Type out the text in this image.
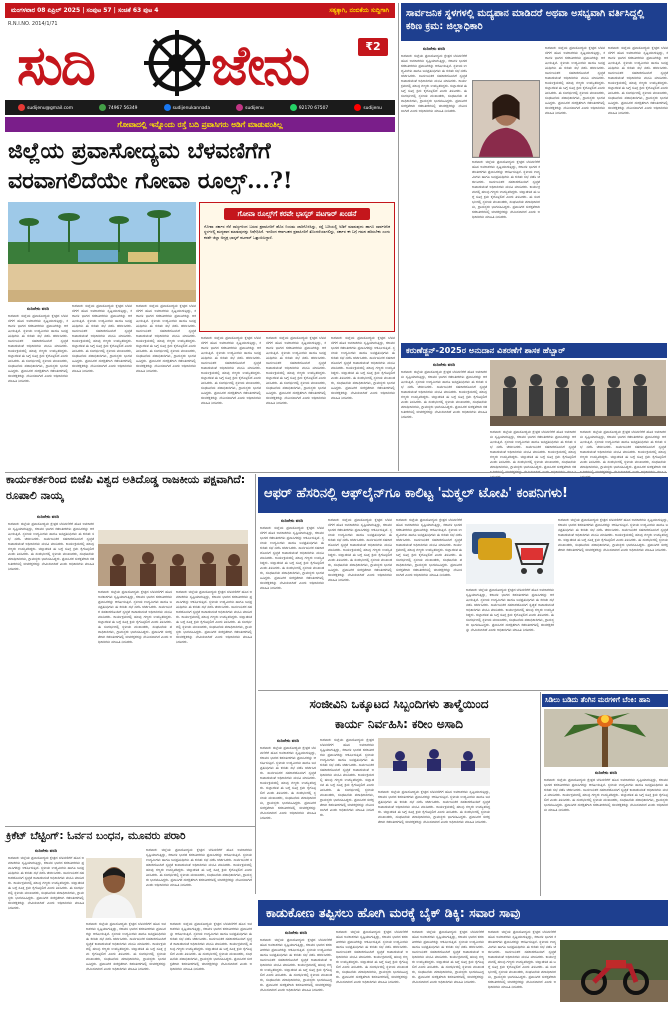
ಮಂಗಳವಾರ 08 ಏಪ್ರಿಲ್ 2025 | ಸಂಪುಟ 57 | ಸಂಚಿಕೆ 63 ಪುಟ 4	ಸತ್ಯಕ್ಕಾಗಿ, ನಂಬಿಕೆಯ ಸುದ್ದಿಗಾಗಿ
R.N.I.NO. 2014/1/71
ಸುದಿ ಜೇನು	₹2
sudijenu@gmail.com	74967 56349	sudijenukannada	sudijenu	92170 67507	sudijenu
ಗೋವಾದಲ್ಲಿ ಇನ್ನೊಂದು ರಸ್ತೆ ಬದಿ ಪ್ರವಾಸಿಗರು ಅಡಿಗೆ ಮಾಡುವಂತಿಲ್ಲ
ಜಿಲ್ಲೆಯ ಪ್ರವಾಸೋದ್ಯಮ ಬೆಳವಣಿಗೆಗೆ
ವರವಾಗಲಿದೆಯೇ ಗೋವಾ ರೂಲ್ಸ್...?!
ಗೋವಾ ರೂಲ್ಸ್‌ಗೆ ಕರವೇ ಭಾಸ್ಕರ್ ಪಟಗಾರ್ ಖಂಡನೆ
ಗೋವಾ ಸರ್ಕಾರ ನೆರೆ ರಾಜ್ಯಗಳಿಂದ ಬರುವ ಪ್ರವಾಸಿಗರಿಗೆ ಹೊಸ ನಿಯಮ ಜಾರಿಗೊಳಿಸಿದ್ದು, ರಸ್ತೆ ಬದಿಯಲ್ಲಿ ಅಡಿಗೆ ಮಾಡುವುದು ಹಾಗೂ ಸಾರ್ವಜನಿಕ ಸ್ಥಳಗಳಲ್ಲಿ ಮದ್ಯಪಾನ ಮಾಡುವುದನ್ನು ನಿಷೇಧಿಸಿದೆ. ಇದರಿಂದ ಕರ್ನಾಟಕದ ಪ್ರವಾಸಿಗರಿಗೆ ತೊಂದರೆಯಾಗಲಿದ್ದು, ಸರ್ಕಾರ ಈ ಬಗ್ಗೆ ಗಮನ ಹರಿಸಬೇಕು ಎಂದು ಕರವೇ ಜಿಲ್ಲಾ ಅಧ್ಯಕ್ಷ ಭಾಸ್ಕರ್ ಪಟಗಾರ್ ಒತ್ತಾಯಿಸಿದ್ದಾರೆ.
ಸುದಿಜೇನು ವರದಿ
ಕಾರವಾರ: ಜಿಲ್ಲೆಯ ಪ್ರವಾಸೋದ್ಯಮ ಕ್ಷೇತ್ರದ ಬೆಳವಣಿಗೆಗೆ ಹೊಸ ಅವಕಾಶಗಳು ಸೃಷ್ಟಿಯಾಗುತ್ತಿದ್ದು, ಕರಾವಳಿ ಭಾಗದ ಕಡಲತೀರಗಳು ಪ್ರವಾಸಿಗರನ್ನು ಆಕರ್ಷಿಸುತ್ತಿವೆ. ಸ್ಥಳೀಯ ಉದ್ಯಮಿಗಳು ಹಾಗೂ ಜನಪ್ರತಿನಿಧಿಗಳು ಈ ಕುರಿತು ಸಭೆ ನಡೆಸಿ ಚರ್ಚಿಸಿದರು. ಸಾರ್ವಜನಿಕರ ಸಹಕಾರದೊಂದಿಗೆ ಸ್ವಚ್ಛತೆ ಕಾಪಾಡುವಂತೆ ಅಧಿಕಾರಿಗಳು ಮನವಿ ಮಾಡಿದರು. ಕಾರ್ಯಕ್ರಮದಲ್ಲಿ ಹಲವು ಗಣ್ಯರು ಉಪಸ್ಥಿತರಿದ್ದರು. ಜಿಲ್ಲಾಡಳಿತ ಈ ಬಗ್ಗೆ ಸೂಕ್ತ ಕ್ರಮ ಕೈಗೊಳ್ಳಲಿದೆ ಎಂದು ತಿಳಿಸಿದರು. ಈ ಸಂದರ್ಭದಲ್ಲಿ ಸ್ಥಳೀಯ ಮುಖಂಡರು, ಸಂಘಟನೆಯ ಪದಾಧಿಕಾರಿಗಳು, ಗ್ರಾಮಸ್ಥರು ಭಾಗವಹಿಸಿದ್ದರು. ಪ್ರವಾಸಿಗರ ಸುರಕ್ಷತೆಗಾಗಿ ಕಡಲತೀರಗಳಲ್ಲಿ ಜೀವರಕ್ಷಕರನ್ನು ನೇಮಿಸಲಾಗಿದೆ ಎಂದು ಅಧಿಕಾರಿಗಳು ಮಾಹಿತಿ ನೀಡಿದರು.
ಕಾರವಾರ: ಜಿಲ್ಲೆಯ ಪ್ರವಾಸೋದ್ಯಮ ಕ್ಷೇತ್ರದ ಬೆಳವಣಿಗೆಗೆ ಹೊಸ ಅವಕಾಶಗಳು ಸೃಷ್ಟಿಯಾಗುತ್ತಿದ್ದು, ಕರಾವಳಿ ಭಾಗದ ಕಡಲತೀರಗಳು ಪ್ರವಾಸಿಗರನ್ನು ಆಕರ್ಷಿಸುತ್ತಿವೆ. ಸ್ಥಳೀಯ ಉದ್ಯಮಿಗಳು ಹಾಗೂ ಜನಪ್ರತಿನಿಧಿಗಳು ಈ ಕುರಿತು ಸಭೆ ನಡೆಸಿ ಚರ್ಚಿಸಿದರು. ಸಾರ್ವಜನಿಕರ ಸಹಕಾರದೊಂದಿಗೆ ಸ್ವಚ್ಛತೆ ಕಾಪಾಡುವಂತೆ ಅಧಿಕಾರಿಗಳು ಮನವಿ ಮಾಡಿದರು. ಕಾರ್ಯಕ್ರಮದಲ್ಲಿ ಹಲವು ಗಣ್ಯರು ಉಪಸ್ಥಿತರಿದ್ದರು. ಜಿಲ್ಲಾಡಳಿತ ಈ ಬಗ್ಗೆ ಸೂಕ್ತ ಕ್ರಮ ಕೈಗೊಳ್ಳಲಿದೆ ಎಂದು ತಿಳಿಸಿದರು. ಈ ಸಂದರ್ಭದಲ್ಲಿ ಸ್ಥಳೀಯ ಮುಖಂಡರು, ಸಂಘಟನೆಯ ಪದಾಧಿಕಾರಿಗಳು, ಗ್ರಾಮಸ್ಥರು ಭಾಗವಹಿಸಿದ್ದರು. ಪ್ರವಾಸಿಗರ ಸುರಕ್ಷತೆಗಾಗಿ ಕಡಲತೀರಗಳಲ್ಲಿ ಜೀವರಕ್ಷಕರನ್ನು ನೇಮಿಸಲಾಗಿದೆ ಎಂದು ಅಧಿಕಾರಿಗಳು ಮಾಹಿತಿ ನೀಡಿದರು.
ಕಾರವಾರ: ಜಿಲ್ಲೆಯ ಪ್ರವಾಸೋದ್ಯಮ ಕ್ಷೇತ್ರದ ಬೆಳವಣಿಗೆಗೆ ಹೊಸ ಅವಕಾಶಗಳು ಸೃಷ್ಟಿಯಾಗುತ್ತಿದ್ದು, ಕರಾವಳಿ ಭಾಗದ ಕಡಲತೀರಗಳು ಪ್ರವಾಸಿಗರನ್ನು ಆಕರ್ಷಿಸುತ್ತಿವೆ. ಸ್ಥಳೀಯ ಉದ್ಯಮಿಗಳು ಹಾಗೂ ಜನಪ್ರತಿನಿಧಿಗಳು ಈ ಕುರಿತು ಸಭೆ ನಡೆಸಿ ಚರ್ಚಿಸಿದರು. ಸಾರ್ವಜನಿಕರ ಸಹಕಾರದೊಂದಿಗೆ ಸ್ವಚ್ಛತೆ ಕಾಪಾಡುವಂತೆ ಅಧಿಕಾರಿಗಳು ಮನವಿ ಮಾಡಿದರು. ಕಾರ್ಯಕ್ರಮದಲ್ಲಿ ಹಲವು ಗಣ್ಯರು ಉಪಸ್ಥಿತರಿದ್ದರು. ಜಿಲ್ಲಾಡಳಿತ ಈ ಬಗ್ಗೆ ಸೂಕ್ತ ಕ್ರಮ ಕೈಗೊಳ್ಳಲಿದೆ ಎಂದು ತಿಳಿಸಿದರು. ಈ ಸಂದರ್ಭದಲ್ಲಿ ಸ್ಥಳೀಯ ಮುಖಂಡರು, ಸಂಘಟನೆಯ ಪದಾಧಿಕಾರಿಗಳು, ಗ್ರಾಮಸ್ಥರು ಭಾಗವಹಿಸಿದ್ದರು. ಪ್ರವಾಸಿಗರ ಸುರಕ್ಷತೆಗಾಗಿ ಕಡಲತೀರಗಳಲ್ಲಿ ಜೀವರಕ್ಷಕರನ್ನು ನೇಮಿಸಲಾಗಿದೆ ಎಂದು ಅಧಿಕಾರಿಗಳು ಮಾಹಿತಿ ನೀಡಿದರು.
ಕಾರವಾರ: ಜಿಲ್ಲೆಯ ಪ್ರವಾಸೋದ್ಯಮ ಕ್ಷೇತ್ರದ ಬೆಳವಣಿಗೆಗೆ ಹೊಸ ಅವಕಾಶಗಳು ಸೃಷ್ಟಿಯಾಗುತ್ತಿದ್ದು, ಕರಾವಳಿ ಭಾಗದ ಕಡಲತೀರಗಳು ಪ್ರವಾಸಿಗರನ್ನು ಆಕರ್ಷಿಸುತ್ತಿವೆ. ಸ್ಥಳೀಯ ಉದ್ಯಮಿಗಳು ಹಾಗೂ ಜನಪ್ರತಿನಿಧಿಗಳು ಈ ಕುರಿತು ಸಭೆ ನಡೆಸಿ ಚರ್ಚಿಸಿದರು. ಸಾರ್ವಜನಿಕರ ಸಹಕಾರದೊಂದಿಗೆ ಸ್ವಚ್ಛತೆ ಕಾಪಾಡುವಂತೆ ಅಧಿಕಾರಿಗಳು ಮನವಿ ಮಾಡಿದರು. ಕಾರ್ಯಕ್ರಮದಲ್ಲಿ ಹಲವು ಗಣ್ಯರು ಉಪಸ್ಥಿತರಿದ್ದರು. ಜಿಲ್ಲಾಡಳಿತ ಈ ಬಗ್ಗೆ ಸೂಕ್ತ ಕ್ರಮ ಕೈಗೊಳ್ಳಲಿದೆ ಎಂದು ತಿಳಿಸಿದರು. ಈ ಸಂದರ್ಭದಲ್ಲಿ ಸ್ಥಳೀಯ ಮುಖಂಡರು, ಸಂಘಟನೆಯ ಪದಾಧಿಕಾರಿಗಳು, ಗ್ರಾಮಸ್ಥರು ಭಾಗವಹಿಸಿದ್ದರು. ಪ್ರವಾಸಿಗರ ಸುರಕ್ಷತೆಗಾಗಿ ಕಡಲತೀರಗಳಲ್ಲಿ ಜೀವರಕ್ಷಕರನ್ನು ನೇಮಿಸಲಾಗಿದೆ ಎಂದು ಅಧಿಕಾರಿಗಳು ಮಾಹಿತಿ ನೀಡಿದರು.
ಕಾರವಾರ: ಜಿಲ್ಲೆಯ ಪ್ರವಾಸೋದ್ಯಮ ಕ್ಷೇತ್ರದ ಬೆಳವಣಿಗೆಗೆ ಹೊಸ ಅವಕಾಶಗಳು ಸೃಷ್ಟಿಯಾಗುತ್ತಿದ್ದು, ಕರಾವಳಿ ಭಾಗದ ಕಡಲತೀರಗಳು ಪ್ರವಾಸಿಗರನ್ನು ಆಕರ್ಷಿಸುತ್ತಿವೆ. ಸ್ಥಳೀಯ ಉದ್ಯಮಿಗಳು ಹಾಗೂ ಜನಪ್ರತಿನಿಧಿಗಳು ಈ ಕುರಿತು ಸಭೆ ನಡೆಸಿ ಚರ್ಚಿಸಿದರು. ಸಾರ್ವಜನಿಕರ ಸಹಕಾರದೊಂದಿಗೆ ಸ್ವಚ್ಛತೆ ಕಾಪಾಡುವಂತೆ ಅಧಿಕಾರಿಗಳು ಮನವಿ ಮಾಡಿದರು. ಕಾರ್ಯಕ್ರಮದಲ್ಲಿ ಹಲವು ಗಣ್ಯರು ಉಪಸ್ಥಿತರಿದ್ದರು. ಜಿಲ್ಲಾಡಳಿತ ಈ ಬಗ್ಗೆ ಸೂಕ್ತ ಕ್ರಮ ಕೈಗೊಳ್ಳಲಿದೆ ಎಂದು ತಿಳಿಸಿದರು. ಈ ಸಂದರ್ಭದಲ್ಲಿ ಸ್ಥಳೀಯ ಮುಖಂಡರು, ಸಂಘಟನೆಯ ಪದಾಧಿಕಾರಿಗಳು, ಗ್ರಾಮಸ್ಥರು ಭಾಗವಹಿಸಿದ್ದರು. ಪ್ರವಾಸಿಗರ ಸುರಕ್ಷತೆಗಾಗಿ ಕಡಲತೀರಗಳಲ್ಲಿ ಜೀವರಕ್ಷಕರನ್ನು ನೇಮಿಸಲಾಗಿದೆ ಎಂದು ಅಧಿಕಾರಿಗಳು ಮಾಹಿತಿ ನೀಡಿದರು.
ಕಾರವಾರ: ಜಿಲ್ಲೆಯ ಪ್ರವಾಸೋದ್ಯಮ ಕ್ಷೇತ್ರದ ಬೆಳವಣಿಗೆಗೆ ಹೊಸ ಅವಕಾಶಗಳು ಸೃಷ್ಟಿಯಾಗುತ್ತಿದ್ದು, ಕರಾವಳಿ ಭಾಗದ ಕಡಲತೀರಗಳು ಪ್ರವಾಸಿಗರನ್ನು ಆಕರ್ಷಿಸುತ್ತಿವೆ. ಸ್ಥಳೀಯ ಉದ್ಯಮಿಗಳು ಹಾಗೂ ಜನಪ್ರತಿನಿಧಿಗಳು ಈ ಕುರಿತು ಸಭೆ ನಡೆಸಿ ಚರ್ಚಿಸಿದರು. ಸಾರ್ವಜನಿಕರ ಸಹಕಾರದೊಂದಿಗೆ ಸ್ವಚ್ಛತೆ ಕಾಪಾಡುವಂತೆ ಅಧಿಕಾರಿಗಳು ಮನವಿ ಮಾಡಿದರು. ಕಾರ್ಯಕ್ರಮದಲ್ಲಿ ಹಲವು ಗಣ್ಯರು ಉಪಸ್ಥಿತರಿದ್ದರು. ಜಿಲ್ಲಾಡಳಿತ ಈ ಬಗ್ಗೆ ಸೂಕ್ತ ಕ್ರಮ ಕೈಗೊಳ್ಳಲಿದೆ ಎಂದು ತಿಳಿಸಿದರು. ಈ ಸಂದರ್ಭದಲ್ಲಿ ಸ್ಥಳೀಯ ಮುಖಂಡರು, ಸಂಘಟನೆಯ ಪದಾಧಿಕಾರಿಗಳು, ಗ್ರಾಮಸ್ಥರು ಭಾಗವಹಿಸಿದ್ದರು. ಪ್ರವಾಸಿಗರ ಸುರಕ್ಷತೆಗಾಗಿ ಕಡಲತೀರಗಳಲ್ಲಿ ಜೀವರಕ್ಷಕರನ್ನು ನೇಮಿಸಲಾಗಿದೆ ಎಂದು ಅಧಿಕಾರಿಗಳು ಮಾಹಿತಿ ನೀಡಿದರು.
ಸಾರ್ವಜನಿಕ ಸ್ಥಳಗಳಲ್ಲಿ ಮದ್ಯಪಾನ ಮಾಡಿದರೆ ಅಥವಾ ಅಸಭ್ಯವಾಗಿ ವರ್ತಿಸಿದ್ದಲ್ಲಿ ಕಠಿಣ ಕ್ರಮ: ಜಿಲ್ಲಾಧಿಕಾರಿ
ಸುದಿಜೇನು ವರದಿ
ಕಾರವಾರ: ಜಿಲ್ಲೆಯ ಪ್ರವಾಸೋದ್ಯಮ ಕ್ಷೇತ್ರದ ಬೆಳವಣಿಗೆಗೆ ಹೊಸ ಅವಕಾಶಗಳು ಸೃಷ್ಟಿಯಾಗುತ್ತಿದ್ದು, ಕರಾವಳಿ ಭಾಗದ ಕಡಲತೀರಗಳು ಪ್ರವಾಸಿಗರನ್ನು ಆಕರ್ಷಿಸುತ್ತಿವೆ. ಸ್ಥಳೀಯ ಉದ್ಯಮಿಗಳು ಹಾಗೂ ಜನಪ್ರತಿನಿಧಿಗಳು ಈ ಕುರಿತು ಸಭೆ ನಡೆಸಿ ಚರ್ಚಿಸಿದರು. ಸಾರ್ವಜನಿಕರ ಸಹಕಾರದೊಂದಿಗೆ ಸ್ವಚ್ಛತೆ ಕಾಪಾಡುವಂತೆ ಅಧಿಕಾರಿಗಳು ಮನವಿ ಮಾಡಿದರು. ಕಾರ್ಯಕ್ರಮದಲ್ಲಿ ಹಲವು ಗಣ್ಯರು ಉಪಸ್ಥಿತರಿದ್ದರು. ಜಿಲ್ಲಾಡಳಿತ ಈ ಬಗ್ಗೆ ಸೂಕ್ತ ಕ್ರಮ ಕೈಗೊಳ್ಳಲಿದೆ ಎಂದು ತಿಳಿಸಿದರು. ಈ ಸಂದರ್ಭದಲ್ಲಿ ಸ್ಥಳೀಯ ಮುಖಂಡರು, ಸಂಘಟನೆಯ ಪದಾಧಿಕಾರಿಗಳು, ಗ್ರಾಮಸ್ಥರು ಭಾಗವಹಿಸಿದ್ದರು. ಪ್ರವಾಸಿಗರ ಸುರಕ್ಷತೆಗಾಗಿ ಕಡಲತೀರಗಳಲ್ಲಿ ಜೀವರಕ್ಷಕರನ್ನು ನೇಮಿಸಲಾಗಿದೆ ಎಂದು ಅಧಿಕಾರಿಗಳು ಮಾಹಿತಿ ನೀಡಿದರು.
ಕಾರವಾರ: ಜಿಲ್ಲೆಯ ಪ್ರವಾಸೋದ್ಯಮ ಕ್ಷೇತ್ರದ ಬೆಳವಣಿಗೆಗೆ ಹೊಸ ಅವಕಾಶಗಳು ಸೃಷ್ಟಿಯಾಗುತ್ತಿದ್ದು, ಕರಾವಳಿ ಭಾಗದ ಕಡಲತೀರಗಳು ಪ್ರವಾಸಿಗರನ್ನು ಆಕರ್ಷಿಸುತ್ತಿವೆ. ಸ್ಥಳೀಯ ಉದ್ಯಮಿಗಳು ಹಾಗೂ ಜನಪ್ರತಿನಿಧಿಗಳು ಈ ಕುರಿತು ಸಭೆ ನಡೆಸಿ ಚರ್ಚಿಸಿದರು. ಸಾರ್ವಜನಿಕರ ಸಹಕಾರದೊಂದಿಗೆ ಸ್ವಚ್ಛತೆ ಕಾಪಾಡುವಂತೆ ಅಧಿಕಾರಿಗಳು ಮನವಿ ಮಾಡಿದರು. ಕಾರ್ಯಕ್ರಮದಲ್ಲಿ ಹಲವು ಗಣ್ಯರು ಉಪಸ್ಥಿತರಿದ್ದರು. ಜಿಲ್ಲಾಡಳಿತ ಈ ಬಗ್ಗೆ ಸೂಕ್ತ ಕ್ರಮ ಕೈಗೊಳ್ಳಲಿದೆ ಎಂದು ತಿಳಿಸಿದರು. ಈ ಸಂದರ್ಭದಲ್ಲಿ ಸ್ಥಳೀಯ ಮುಖಂಡರು, ಸಂಘಟನೆಯ ಪದಾಧಿಕಾರಿಗಳು, ಗ್ರಾಮಸ್ಥರು ಭಾಗವಹಿಸಿದ್ದರು. ಪ್ರವಾಸಿಗರ ಸುರಕ್ಷತೆಗಾಗಿ ಕಡಲತೀರಗಳಲ್ಲಿ ಜೀವರಕ್ಷಕರನ್ನು ನೇಮಿಸಲಾಗಿದೆ ಎಂದು ಅಧಿಕಾರಿಗಳು ಮಾಹಿತಿ ನೀಡಿದರು.
ಕಾರವಾರ: ಜಿಲ್ಲೆಯ ಪ್ರವಾಸೋದ್ಯಮ ಕ್ಷೇತ್ರದ ಬೆಳವಣಿಗೆಗೆ ಹೊಸ ಅವಕಾಶಗಳು ಸೃಷ್ಟಿಯಾಗುತ್ತಿದ್ದು, ಕರಾವಳಿ ಭಾಗದ ಕಡಲತೀರಗಳು ಪ್ರವಾಸಿಗರನ್ನು ಆಕರ್ಷಿಸುತ್ತಿವೆ. ಸ್ಥಳೀಯ ಉದ್ಯಮಿಗಳು ಹಾಗೂ ಜನಪ್ರತಿನಿಧಿಗಳು ಈ ಕುರಿತು ಸಭೆ ನಡೆಸಿ ಚರ್ಚಿಸಿದರು. ಸಾರ್ವಜನಿಕರ ಸಹಕಾರದೊಂದಿಗೆ ಸ್ವಚ್ಛತೆ ಕಾಪಾಡುವಂತೆ ಅಧಿಕಾರಿಗಳು ಮನವಿ ಮಾಡಿದರು. ಕಾರ್ಯಕ್ರಮದಲ್ಲಿ ಹಲವು ಗಣ್ಯರು ಉಪಸ್ಥಿತರಿದ್ದರು. ಜಿಲ್ಲಾಡಳಿತ ಈ ಬಗ್ಗೆ ಸೂಕ್ತ ಕ್ರಮ ಕೈಗೊಳ್ಳಲಿದೆ ಎಂದು ತಿಳಿಸಿದರು. ಈ ಸಂದರ್ಭದಲ್ಲಿ ಸ್ಥಳೀಯ ಮುಖಂಡರು, ಸಂಘಟನೆಯ ಪದಾಧಿಕಾರಿಗಳು, ಗ್ರಾಮಸ್ಥರು ಭಾಗವಹಿಸಿದ್ದರು. ಪ್ರವಾಸಿಗರ ಸುರಕ್ಷತೆಗಾಗಿ ಕಡಲತೀರಗಳಲ್ಲಿ ಜೀವರಕ್ಷಕರನ್ನು ನೇಮಿಸಲಾಗಿದೆ ಎಂದು ಅಧಿಕಾರಿಗಳು ಮಾಹಿತಿ ನೀಡಿದರು.
ಕಾರವಾರ: ಜಿಲ್ಲೆಯ ಪ್ರವಾಸೋದ್ಯಮ ಕ್ಷೇತ್ರದ ಬೆಳವಣಿಗೆಗೆ ಹೊಸ ಅವಕಾಶಗಳು ಸೃಷ್ಟಿಯಾಗುತ್ತಿದ್ದು, ಕರಾವಳಿ ಭಾಗದ ಕಡಲತೀರಗಳು ಪ್ರವಾಸಿಗರನ್ನು ಆಕರ್ಷಿಸುತ್ತಿವೆ. ಸ್ಥಳೀಯ ಉದ್ಯಮಿಗಳು ಹಾಗೂ ಜನಪ್ರತಿನಿಧಿಗಳು ಈ ಕುರಿತು ಸಭೆ ನಡೆಸಿ ಚರ್ಚಿಸಿದರು. ಸಾರ್ವಜನಿಕರ ಸಹಕಾರದೊಂದಿಗೆ ಸ್ವಚ್ಛತೆ ಕಾಪಾಡುವಂತೆ ಅಧಿಕಾರಿಗಳು ಮನವಿ ಮಾಡಿದರು. ಕಾರ್ಯಕ್ರಮದಲ್ಲಿ ಹಲವು ಗಣ್ಯರು ಉಪಸ್ಥಿತರಿದ್ದರು. ಜಿಲ್ಲಾಡಳಿತ ಈ ಬಗ್ಗೆ ಸೂಕ್ತ ಕ್ರಮ ಕೈಗೊಳ್ಳಲಿದೆ ಎಂದು ತಿಳಿಸಿದರು. ಈ ಸಂದರ್ಭದಲ್ಲಿ ಸ್ಥಳೀಯ ಮುಖಂಡರು, ಸಂಘಟನೆಯ ಪದಾಧಿಕಾರಿಗಳು, ಗ್ರಾಮಸ್ಥರು ಭಾಗವಹಿಸಿದ್ದರು. ಪ್ರವಾಸಿಗರ ಸುರಕ್ಷತೆಗಾಗಿ ಕಡಲತೀರಗಳಲ್ಲಿ ಜೀವರಕ್ಷಕರನ್ನು ನೇಮಿಸಲಾಗಿದೆ ಎಂದು ಅಧಿಕಾರಿಗಳು ಮಾಹಿತಿ ನೀಡಿದರು.
ಕರುಣೆಡ್ಜನ್-2025ರ ಅನುದಾನ ವಿತರಣೆಗೆ ಶಾಸಕ ಹೆಬ್ಬಾರ್
ಸುದಿಜೇನು ವರದಿ
ಕಾರವಾರ: ಜಿಲ್ಲೆಯ ಪ್ರವಾಸೋದ್ಯಮ ಕ್ಷೇತ್ರದ ಬೆಳವಣಿಗೆಗೆ ಹೊಸ ಅವಕಾಶಗಳು ಸೃಷ್ಟಿಯಾಗುತ್ತಿದ್ದು, ಕರಾವಳಿ ಭಾಗದ ಕಡಲತೀರಗಳು ಪ್ರವಾಸಿಗರನ್ನು ಆಕರ್ಷಿಸುತ್ತಿವೆ. ಸ್ಥಳೀಯ ಉದ್ಯಮಿಗಳು ಹಾಗೂ ಜನಪ್ರತಿನಿಧಿಗಳು ಈ ಕುರಿತು ಸಭೆ ನಡೆಸಿ ಚರ್ಚಿಸಿದರು. ಸಾರ್ವಜನಿಕರ ಸಹಕಾರದೊಂದಿಗೆ ಸ್ವಚ್ಛತೆ ಕಾಪಾಡುವಂತೆ ಅಧಿಕಾರಿಗಳು ಮನವಿ ಮಾಡಿದರು. ಕಾರ್ಯಕ್ರಮದಲ್ಲಿ ಹಲವು ಗಣ್ಯರು ಉಪಸ್ಥಿತರಿದ್ದರು. ಜಿಲ್ಲಾಡಳಿತ ಈ ಬಗ್ಗೆ ಸೂಕ್ತ ಕ್ರಮ ಕೈಗೊಳ್ಳಲಿದೆ ಎಂದು ತಿಳಿಸಿದರು. ಈ ಸಂದರ್ಭದಲ್ಲಿ ಸ್ಥಳೀಯ ಮುಖಂಡರು, ಸಂಘಟನೆಯ ಪದಾಧಿಕಾರಿಗಳು, ಗ್ರಾಮಸ್ಥರು ಭಾಗವಹಿಸಿದ್ದರು. ಪ್ರವಾಸಿಗರ ಸುರಕ್ಷತೆಗಾಗಿ ಕಡಲತೀರಗಳಲ್ಲಿ ಜೀವರಕ್ಷಕರನ್ನು ನೇಮಿಸಲಾಗಿದೆ ಎಂದು ಅಧಿಕಾರಿಗಳು ಮಾಹಿತಿ ನೀಡಿದರು.
ಕಾರವಾರ: ಜಿಲ್ಲೆಯ ಪ್ರವಾಸೋದ್ಯಮ ಕ್ಷೇತ್ರದ ಬೆಳವಣಿಗೆಗೆ ಹೊಸ ಅವಕಾಶಗಳು ಸೃಷ್ಟಿಯಾಗುತ್ತಿದ್ದು, ಕರಾವಳಿ ಭಾಗದ ಕಡಲತೀರಗಳು ಪ್ರವಾಸಿಗರನ್ನು ಆಕರ್ಷಿಸುತ್ತಿವೆ. ಸ್ಥಳೀಯ ಉದ್ಯಮಿಗಳು ಹಾಗೂ ಜನಪ್ರತಿನಿಧಿಗಳು ಈ ಕುರಿತು ಸಭೆ ನಡೆಸಿ ಚರ್ಚಿಸಿದರು. ಸಾರ್ವಜನಿಕರ ಸಹಕಾರದೊಂದಿಗೆ ಸ್ವಚ್ಛತೆ ಕಾಪಾಡುವಂತೆ ಅಧಿಕಾರಿಗಳು ಮನವಿ ಮಾಡಿದರು. ಕಾರ್ಯಕ್ರಮದಲ್ಲಿ ಹಲವು ಗಣ್ಯರು ಉಪಸ್ಥಿತರಿದ್ದರು. ಜಿಲ್ಲಾಡಳಿತ ಈ ಬಗ್ಗೆ ಸೂಕ್ತ ಕ್ರಮ ಕೈಗೊಳ್ಳಲಿದೆ ಎಂದು ತಿಳಿಸಿದರು. ಈ ಸಂದರ್ಭದಲ್ಲಿ ಸ್ಥಳೀಯ ಮುಖಂಡರು, ಸಂಘಟನೆಯ ಪದಾಧಿಕಾರಿಗಳು, ಗ್ರಾಮಸ್ಥರು ಭಾಗವಹಿಸಿದ್ದರು. ಪ್ರವಾಸಿಗರ ಸುರಕ್ಷತೆಗಾಗಿ ಕಡ
ಕಾರವಾರ: ಜಿಲ್ಲೆಯ ಪ್ರವಾಸೋದ್ಯಮ ಕ್ಷೇತ್ರದ ಬೆಳವಣಿಗೆಗೆ ಹೊಸ ಅವಕಾಶಗಳು ಸೃಷ್ಟಿಯಾಗುತ್ತಿದ್ದು, ಕರಾವಳಿ ಭಾಗದ ಕಡಲತೀರಗಳು ಪ್ರವಾಸಿಗರನ್ನು ಆಕರ್ಷಿಸುತ್ತಿವೆ. ಸ್ಥಳೀಯ ಉದ್ಯಮಿಗಳು ಹಾಗೂ ಜನಪ್ರತಿನಿಧಿಗಳು ಈ ಕುರಿತು ಸಭೆ ನಡೆಸಿ ಚರ್ಚಿಸಿದರು. ಸಾರ್ವಜನಿಕರ ಸಹಕಾರದೊಂದಿಗೆ ಸ್ವಚ್ಛತೆ ಕಾಪಾಡುವಂತೆ ಅಧಿಕಾರಿಗಳು ಮನವಿ ಮಾಡಿದರು. ಕಾರ್ಯಕ್ರಮದಲ್ಲಿ ಹಲವು ಗಣ್ಯರು ಉಪಸ್ಥಿತರಿದ್ದರು. ಜಿಲ್ಲಾಡಳಿತ ಈ ಬಗ್ಗೆ ಸೂಕ್ತ ಕ್ರಮ ಕೈಗೊಳ್ಳಲಿದೆ ಎಂದು ತಿಳಿಸಿದರು. ಈ ಸಂದರ್ಭದಲ್ಲಿ ಸ್ಥಳೀಯ ಮುಖಂಡರು, ಸಂಘಟನೆಯ ಪದಾಧಿಕಾರಿಗಳು, ಗ್ರಾಮಸ್ಥರು ಭಾಗವಹಿಸಿದ್ದರು. ಪ್ರವಾಸಿಗರ ಸುರಕ್ಷತೆಗಾಗಿ ಕಡ
ಕಾರ್ಯಕರ್ತರಿಂದ ಬಿಜೆಪಿ ವಿಶ್ವದ ಅತಿದೊಡ್ಡ ರಾಜಕೀಯ ಪಕ್ಷವಾಗಿದೆ: ರೂಪಾಲಿ ನಾಯ್ಕ
ಸುದಿಜೇನು ವರದಿ
ಕಾರವಾರ: ಜಿಲ್ಲೆಯ ಪ್ರವಾಸೋದ್ಯಮ ಕ್ಷೇತ್ರದ ಬೆಳವಣಿಗೆಗೆ ಹೊಸ ಅವಕಾಶಗಳು ಸೃಷ್ಟಿಯಾಗುತ್ತಿದ್ದು, ಕರಾವಳಿ ಭಾಗದ ಕಡಲತೀರಗಳು ಪ್ರವಾಸಿಗರನ್ನು ಆಕರ್ಷಿಸುತ್ತಿವೆ. ಸ್ಥಳೀಯ ಉದ್ಯಮಿಗಳು ಹಾಗೂ ಜನಪ್ರತಿನಿಧಿಗಳು ಈ ಕುರಿತು ಸಭೆ ನಡೆಸಿ ಚರ್ಚಿಸಿದರು. ಸಾರ್ವಜನಿಕರ ಸಹಕಾರದೊಂದಿಗೆ ಸ್ವಚ್ಛತೆ ಕಾಪಾಡುವಂತೆ ಅಧಿಕಾರಿಗಳು ಮನವಿ ಮಾಡಿದರು. ಕಾರ್ಯಕ್ರಮದಲ್ಲಿ ಹಲವು ಗಣ್ಯರು ಉಪಸ್ಥಿತರಿದ್ದರು. ಜಿಲ್ಲಾಡಳಿತ ಈ ಬಗ್ಗೆ ಸೂಕ್ತ ಕ್ರಮ ಕೈಗೊಳ್ಳಲಿದೆ ಎಂದು ತಿಳಿಸಿದರು. ಈ ಸಂದರ್ಭದಲ್ಲಿ ಸ್ಥಳೀಯ ಮುಖಂಡರು, ಸಂಘಟನೆಯ ಪದಾಧಿಕಾರಿಗಳು, ಗ್ರಾಮಸ್ಥರು ಭಾಗವಹಿಸಿದ್ದರು. ಪ್ರವಾಸಿಗರ ಸುರಕ್ಷತೆಗಾಗಿ ಕಡಲತೀರಗಳಲ್ಲಿ ಜೀವರಕ್ಷಕರನ್ನು ನೇಮಿಸಲಾಗಿದೆ ಎಂದು ಅಧಿಕಾರಿಗಳು ಮಾಹಿತಿ ನೀಡಿದರು.
ಕಾರವಾರ: ಜಿಲ್ಲೆಯ ಪ್ರವಾಸೋದ್ಯಮ ಕ್ಷೇತ್ರದ ಬೆಳವಣಿಗೆಗೆ ಹೊಸ ಅವಕಾಶಗಳು ಸೃಷ್ಟಿಯಾಗುತ್ತಿದ್ದು, ಕರಾವಳಿ ಭಾಗದ ಕಡಲತೀರಗಳು ಪ್ರವಾಸಿಗರನ್ನು ಆಕರ್ಷಿಸುತ್ತಿವೆ. ಸ್ಥಳೀಯ ಉದ್ಯಮಿಗಳು ಹಾಗೂ ಜನಪ್ರತಿನಿಧಿಗಳು ಈ ಕುರಿತು ಸಭೆ ನಡೆಸಿ ಚರ್ಚಿಸಿದರು. ಸಾರ್ವಜನಿಕರ ಸಹಕಾರದೊಂದಿಗೆ ಸ್ವಚ್ಛತೆ ಕಾಪಾಡುವಂತೆ ಅಧಿಕಾರಿಗಳು ಮನವಿ ಮಾಡಿದರು. ಕಾರ್ಯಕ್ರಮದಲ್ಲಿ ಹಲವು ಗಣ್ಯರು ಉಪಸ್ಥಿತರಿದ್ದರು. ಜಿಲ್ಲಾಡಳಿತ ಈ ಬಗ್ಗೆ ಸೂಕ್ತ ಕ್ರಮ ಕೈಗೊಳ್ಳಲಿದೆ ಎಂದು ತಿಳಿಸಿದರು. ಈ ಸಂದರ್ಭದಲ್ಲಿ ಸ್ಥಳೀಯ ಮುಖಂಡರು, ಸಂಘಟನೆಯ ಪದಾಧಿಕಾರಿಗಳು, ಗ್ರಾಮಸ್ಥರು ಭಾಗವಹಿಸಿದ್ದರು. ಪ್ರವಾಸಿಗರ ಸುರಕ್ಷತೆಗಾಗಿ ಕಡಲತೀರಗಳಲ್ಲಿ ಜೀವರಕ್ಷಕರನ್ನು ನೇಮಿಸಲಾಗಿದೆ ಎಂದು ಅಧಿಕಾರಿಗಳು ಮಾಹಿತಿ ನೀಡಿದರು.
ಕಾರವಾರ: ಜಿಲ್ಲೆಯ ಪ್ರವಾಸೋದ್ಯಮ ಕ್ಷೇತ್ರದ ಬೆಳವಣಿಗೆಗೆ ಹೊಸ ಅವಕಾಶಗಳು ಸೃಷ್ಟಿಯಾಗುತ್ತಿದ್ದು, ಕರಾವಳಿ ಭಾಗದ ಕಡಲತೀರಗಳು ಪ್ರವಾಸಿಗರನ್ನು ಆಕರ್ಷಿಸುತ್ತಿವೆ. ಸ್ಥಳೀಯ ಉದ್ಯಮಿಗಳು ಹಾಗೂ ಜನಪ್ರತಿನಿಧಿಗಳು ಈ ಕುರಿತು ಸಭೆ ನಡೆಸಿ ಚರ್ಚಿಸಿದರು. ಸಾರ್ವಜನಿಕರ ಸಹಕಾರದೊಂದಿಗೆ ಸ್ವಚ್ಛತೆ ಕಾಪಾಡುವಂತೆ ಅಧಿಕಾರಿಗಳು ಮನವಿ ಮಾಡಿದರು. ಕಾರ್ಯಕ್ರಮದಲ್ಲಿ ಹಲವು ಗಣ್ಯರು ಉಪಸ್ಥಿತರಿದ್ದರು. ಜಿಲ್ಲಾಡಳಿತ ಈ ಬಗ್ಗೆ ಸೂಕ್ತ ಕ್ರಮ ಕೈಗೊಳ್ಳಲಿದೆ ಎಂದು ತಿಳಿಸಿದರು. ಈ ಸಂದರ್ಭದಲ್ಲಿ ಸ್ಥಳೀಯ ಮುಖಂಡರು, ಸಂಘಟನೆಯ ಪದಾಧಿಕಾರಿಗಳು, ಗ್ರಾಮಸ್ಥರು ಭಾಗವಹಿಸಿದ್ದರು. ಪ್ರವಾಸಿಗರ ಸುರಕ್ಷತೆಗಾಗಿ ಕಡಲತೀರಗಳಲ್ಲಿ ಜೀವರಕ್ಷಕರನ್ನು ನೇಮಿಸಲಾಗಿದೆ ಎಂದು ಅಧಿಕಾರಿಗಳು ಮಾಹಿತಿ ನೀಡಿದರು.
ಆಫರ್ ಹೆಸರಿನಲ್ಲಿ ಆಫ್‌ಲೈನ್‌ಗೂ ಕಾಲಿಟ್ಟ 'ಮಕ್ಮಲ್ ಟೋಪಿ' ಕಂಪನಿಗಳು!
ಸುದಿಜೇನು ವರದಿ
ಕಾರವಾರ: ಜಿಲ್ಲೆಯ ಪ್ರವಾಸೋದ್ಯಮ ಕ್ಷೇತ್ರದ ಬೆಳವಣಿಗೆಗೆ ಹೊಸ ಅವಕಾಶಗಳು ಸೃಷ್ಟಿಯಾಗುತ್ತಿದ್ದು, ಕರಾವಳಿ ಭಾಗದ ಕಡಲತೀರಗಳು ಪ್ರವಾಸಿಗರನ್ನು ಆಕರ್ಷಿಸುತ್ತಿವೆ. ಸ್ಥಳೀಯ ಉದ್ಯಮಿಗಳು ಹಾಗೂ ಜನಪ್ರತಿನಿಧಿಗಳು ಈ ಕುರಿತು ಸಭೆ ನಡೆಸಿ ಚರ್ಚಿಸಿದರು. ಸಾರ್ವಜನಿಕರ ಸಹಕಾರದೊಂದಿಗೆ ಸ್ವಚ್ಛತೆ ಕಾಪಾಡುವಂತೆ ಅಧಿಕಾರಿಗಳು ಮನವಿ ಮಾಡಿದರು. ಕಾರ್ಯಕ್ರಮದಲ್ಲಿ ಹಲವು ಗಣ್ಯರು ಉಪಸ್ಥಿತರಿದ್ದರು. ಜಿಲ್ಲಾಡಳಿತ ಈ ಬಗ್ಗೆ ಸೂಕ್ತ ಕ್ರಮ ಕೈಗೊಳ್ಳಲಿದೆ ಎಂದು ತಿಳಿಸಿದರು. ಈ ಸಂದರ್ಭದಲ್ಲಿ ಸ್ಥಳೀಯ ಮುಖಂಡರು, ಸಂಘಟನೆಯ ಪದಾಧಿಕಾರಿಗಳು, ಗ್ರಾಮಸ್ಥರು ಭಾಗವಹಿಸಿದ್ದರು. ಪ್ರವಾಸಿಗರ ಸುರಕ್ಷತೆಗಾಗಿ ಕಡಲತೀರಗಳಲ್ಲಿ ಜೀವರಕ್ಷಕರನ್ನು ನೇಮಿಸಲಾಗಿದೆ ಎಂದು ಅಧಿಕಾರಿಗಳು ಮಾಹಿತಿ ನೀಡಿದರು.
ಕಾರವಾರ: ಜಿಲ್ಲೆಯ ಪ್ರವಾಸೋದ್ಯಮ ಕ್ಷೇತ್ರದ ಬೆಳವಣಿಗೆಗೆ ಹೊಸ ಅವಕಾಶಗಳು ಸೃಷ್ಟಿಯಾಗುತ್ತಿದ್ದು, ಕರಾವಳಿ ಭಾಗದ ಕಡಲತೀರಗಳು ಪ್ರವಾಸಿಗರನ್ನು ಆಕರ್ಷಿಸುತ್ತಿವೆ. ಸ್ಥಳೀಯ ಉದ್ಯಮಿಗಳು ಹಾಗೂ ಜನಪ್ರತಿನಿಧಿಗಳು ಈ ಕುರಿತು ಸಭೆ ನಡೆಸಿ ಚರ್ಚಿಸಿದರು. ಸಾರ್ವಜನಿಕರ ಸಹಕಾರದೊಂದಿಗೆ ಸ್ವಚ್ಛತೆ ಕಾಪಾಡುವಂತೆ ಅಧಿಕಾರಿಗಳು ಮನವಿ ಮಾಡಿದರು. ಕಾರ್ಯಕ್ರಮದಲ್ಲಿ ಹಲವು ಗಣ್ಯರು ಉಪಸ್ಥಿತರಿದ್ದರು. ಜಿಲ್ಲಾಡಳಿತ ಈ ಬಗ್ಗೆ ಸೂಕ್ತ ಕ್ರಮ ಕೈಗೊಳ್ಳಲಿದೆ ಎಂದು ತಿಳಿಸಿದರು. ಈ ಸಂದರ್ಭದಲ್ಲಿ ಸ್ಥಳೀಯ ಮುಖಂಡರು, ಸಂಘಟನೆಯ ಪದಾಧಿಕಾರಿಗಳು, ಗ್ರಾಮಸ್ಥರು ಭಾಗವಹಿಸಿದ್ದರು. ಪ್ರವಾಸಿಗರ ಸುರಕ್ಷತೆಗಾಗಿ ಕಡಲತೀರಗಳಲ್ಲಿ ಜೀವರಕ್ಷಕರನ್ನು ನೇಮಿಸಲಾಗಿದೆ ಎಂದು ಅಧಿಕಾರಿಗಳು ಮಾಹಿತಿ ನೀಡಿದರು.
ಕಾರವಾರ: ಜಿಲ್ಲೆಯ ಪ್ರವಾಸೋದ್ಯಮ ಕ್ಷೇತ್ರದ ಬೆಳವಣಿಗೆಗೆ ಹೊಸ ಅವಕಾಶಗಳು ಸೃಷ್ಟಿಯಾಗುತ್ತಿದ್ದು, ಕರಾವಳಿ ಭಾಗದ ಕಡಲತೀರಗಳು ಪ್ರವಾಸಿಗರನ್ನು ಆಕರ್ಷಿಸುತ್ತಿವೆ. ಸ್ಥಳೀಯ ಉದ್ಯಮಿಗಳು ಹಾಗೂ ಜನಪ್ರತಿನಿಧಿಗಳು ಈ ಕುರಿತು ಸಭೆ ನಡೆಸಿ ಚರ್ಚಿಸಿದರು. ಸಾರ್ವಜನಿಕರ ಸಹಕಾರದೊಂದಿಗೆ ಸ್ವಚ್ಛತೆ ಕಾಪಾಡುವಂತೆ ಅಧಿಕಾರಿಗಳು ಮನವಿ ಮಾಡಿದರು. ಕಾರ್ಯಕ್ರಮದಲ್ಲಿ ಹಲವು ಗಣ್ಯರು ಉಪಸ್ಥಿತರಿದ್ದರು. ಜಿಲ್ಲಾಡಳಿತ ಈ ಬಗ್ಗೆ ಸೂಕ್ತ ಕ್ರಮ ಕೈಗೊಳ್ಳಲಿದೆ ಎಂದು ತಿಳಿಸಿದರು. ಈ ಸಂದರ್ಭದಲ್ಲಿ ಸ್ಥಳೀಯ ಮುಖಂಡರು, ಸಂಘಟನೆಯ ಪದಾಧಿಕಾರಿಗಳು, ಗ್ರಾಮಸ್ಥರು ಭಾಗವಹಿಸಿದ್ದರು. ಪ್ರವಾಸಿಗರ ಸುರಕ್ಷತೆಗಾಗಿ ಕಡಲತೀರಗಳಲ್ಲಿ ಜೀವರಕ್ಷಕರನ್ನು ನೇಮಿಸಲಾಗಿದೆ ಎಂದು ಅಧಿಕಾರಿಗಳು ಮಾಹಿತಿ ನೀಡಿದರು.
ಕಾರವಾರ: ಜಿಲ್ಲೆಯ ಪ್ರವಾಸೋದ್ಯಮ ಕ್ಷೇತ್ರದ ಬೆಳವಣಿಗೆಗೆ ಹೊಸ ಅವಕಾಶಗಳು ಸೃಷ್ಟಿಯಾಗುತ್ತಿದ್ದು, ಕರಾವಳಿ ಭಾಗದ ಕಡಲತೀರಗಳು ಪ್ರವಾಸಿಗರನ್ನು ಆಕರ್ಷಿಸುತ್ತಿವೆ. ಸ್ಥಳೀಯ ಉದ್ಯಮಿಗಳು ಹಾಗೂ ಜನಪ್ರತಿನಿಧಿಗಳು ಈ ಕುರಿತು ಸಭೆ ನಡೆಸಿ ಚರ್ಚಿಸಿದರು. ಸಾರ್ವಜನಿಕರ ಸಹಕಾರದೊಂದಿಗೆ ಸ್ವಚ್ಛತೆ ಕಾಪಾಡುವಂತೆ ಅಧಿಕಾರಿಗಳು ಮನವಿ ಮಾಡಿದರು. ಕಾರ್ಯಕ್ರಮದಲ್ಲಿ ಹಲವು ಗಣ್ಯರು ಉಪಸ್ಥಿತರಿದ್ದರು. ಜಿಲ್ಲಾಡಳಿತ ಈ ಬಗ್ಗೆ ಸೂಕ್ತ ಕ್ರಮ ಕೈಗೊಳ್ಳಲಿದೆ ಎಂದು ತಿಳಿಸಿದರು. ಈ ಸಂದರ್ಭದಲ್ಲಿ ಸ್ಥಳೀಯ ಮುಖಂಡರು, ಸಂಘಟನೆಯ ಪದಾಧಿಕಾರಿಗಳು, ಗ್ರಾಮಸ್ಥರು ಭಾಗವಹಿಸಿದ್ದರು. ಪ್ರವಾಸಿಗರ ಸುರಕ್ಷತೆಗಾಗಿ ಕಡಲತೀರಗಳಲ್ಲಿ ಜೀವರಕ್ಷಕರನ್ನು ನೇಮಿಸಲಾಗಿದೆ ಎಂದು ಅಧಿಕಾರಿಗಳು ಮಾಹಿತಿ ನೀಡಿದರು.
ಕಾರವಾರ: ಜಿಲ್ಲೆಯ ಪ್ರವಾಸೋದ್ಯಮ ಕ್ಷೇತ್ರದ ಬೆಳವಣಿಗೆಗೆ ಹೊಸ ಅವಕಾಶಗಳು ಸೃಷ್ಟಿಯಾಗುತ್ತಿದ್ದು, ಕರಾವಳಿ ಭಾಗದ ಕಡಲತೀರಗಳು ಪ್ರವಾಸಿಗರನ್ನು ಆಕರ್ಷಿಸುತ್ತಿವೆ. ಸ್ಥಳೀಯ ಉದ್ಯಮಿಗಳು ಹಾಗೂ ಜನಪ್ರತಿನಿಧಿಗಳು ಈ ಕುರಿತು ಸಭೆ ನಡೆಸಿ ಚರ್ಚಿಸಿದರು. ಸಾರ್ವಜನಿಕರ ಸಹಕಾರದೊಂದಿಗೆ ಸ್ವಚ್ಛತೆ ಕಾಪಾಡುವಂತೆ ಅಧಿಕಾರಿಗಳು ಮನವಿ ಮಾಡಿದರು. ಕಾರ್ಯಕ್ರಮದಲ್ಲಿ ಹಲವು ಗಣ್ಯರು ಉಪಸ್ಥಿತರಿದ್ದರು. ಜಿಲ್ಲಾಡಳಿತ ಈ ಬಗ್ಗೆ ಸೂಕ್ತ ಕ್ರಮ ಕೈಗೊಳ್ಳಲಿದೆ ಎಂದು ತಿಳಿಸಿದರು. ಈ ಸಂದರ್ಭದಲ್ಲಿ ಸ್ಥಳೀಯ ಮುಖಂಡರು, ಸಂಘಟನೆಯ ಪದಾಧಿಕಾರಿಗಳು, ಗ್ರಾಮಸ್ಥರು ಭಾಗವಹಿಸಿದ್ದರು. ಪ್ರವಾಸಿಗರ ಸುರಕ್ಷತೆಗಾಗಿ ಕಡಲತೀರಗಳಲ್ಲಿ ಜೀವರಕ್ಷಕರನ್ನು ನೇಮಿಸಲಾಗಿದೆ ಎಂದು ಅಧಿಕಾರಿಗಳು ಮಾಹಿತಿ ನೀಡಿದರು.
ಸಂಜೀವಿನಿ ಒಕ್ಕೂಟದ ಸಿಬ್ಬಂದಿಗಳು ತಾಳ್ಮೆಯಿಂದ
ಕಾರ್ಯ ನಿರ್ವಹಿಸಿ: ಕರೀಂ ಅಸಾದಿ
ಸುದಿಜೇನು ವರದಿ
ಕಾರವಾರ: ಜಿಲ್ಲೆಯ ಪ್ರವಾಸೋದ್ಯಮ ಕ್ಷೇತ್ರದ ಬೆಳವಣಿಗೆಗೆ ಹೊಸ ಅವಕಾಶಗಳು ಸೃಷ್ಟಿಯಾಗುತ್ತಿದ್ದು, ಕರಾವಳಿ ಭಾಗದ ಕಡಲತೀರಗಳು ಪ್ರವಾಸಿಗರನ್ನು ಆಕರ್ಷಿಸುತ್ತಿವೆ. ಸ್ಥಳೀಯ ಉದ್ಯಮಿಗಳು ಹಾಗೂ ಜನಪ್ರತಿನಿಧಿಗಳು ಈ ಕುರಿತು ಸಭೆ ನಡೆಸಿ ಚರ್ಚಿಸಿದರು. ಸಾರ್ವಜನಿಕರ ಸಹಕಾರದೊಂದಿಗೆ ಸ್ವಚ್ಛತೆ ಕಾಪಾಡುವಂತೆ ಅಧಿಕಾರಿಗಳು ಮನವಿ ಮಾಡಿದರು. ಕಾರ್ಯಕ್ರಮದಲ್ಲಿ ಹಲವು ಗಣ್ಯರು ಉಪಸ್ಥಿತರಿದ್ದರು. ಜಿಲ್ಲಾಡಳಿತ ಈ ಬಗ್ಗೆ ಸೂಕ್ತ ಕ್ರಮ ಕೈಗೊಳ್ಳಲಿದೆ ಎಂದು ತಿಳಿಸಿದರು. ಈ ಸಂದರ್ಭದಲ್ಲಿ ಸ್ಥಳೀಯ ಮುಖಂಡರು, ಸಂಘಟನೆಯ ಪದಾಧಿಕಾರಿಗಳು, ಗ್ರಾಮಸ್ಥರು ಭಾಗವಹಿಸಿದ್ದರು. ಪ್ರವಾಸಿಗರ ಸುರಕ್ಷತೆಗಾಗಿ ಕಡಲತೀರಗಳಲ್ಲಿ ಜೀವರಕ್ಷಕರನ್ನು ನೇಮಿಸಲಾಗಿದೆ ಎಂದು ಅಧಿಕಾರಿಗಳು ಮಾಹಿತಿ ನೀಡಿದರು.
ಕಾರವಾರ: ಜಿಲ್ಲೆಯ ಪ್ರವಾಸೋದ್ಯಮ ಕ್ಷೇತ್ರದ ಬೆಳವಣಿಗೆಗೆ ಹೊಸ ಅವಕಾಶಗಳು ಸೃಷ್ಟಿಯಾಗುತ್ತಿದ್ದು, ಕರಾವಳಿ ಭಾಗದ ಕಡಲತೀರಗಳು ಪ್ರವಾಸಿಗರನ್ನು ಆಕರ್ಷಿಸುತ್ತಿವೆ. ಸ್ಥಳೀಯ ಉದ್ಯಮಿಗಳು ಹಾಗೂ ಜನಪ್ರತಿನಿಧಿಗಳು ಈ ಕುರಿತು ಸಭೆ ನಡೆಸಿ ಚರ್ಚಿಸಿದರು. ಸಾರ್ವಜನಿಕರ ಸಹಕಾರದೊಂದಿಗೆ ಸ್ವಚ್ಛತೆ ಕಾಪಾಡುವಂತೆ ಅಧಿಕಾರಿಗಳು ಮನವಿ ಮಾಡಿದರು. ಕಾರ್ಯಕ್ರಮದಲ್ಲಿ ಹಲವು ಗಣ್ಯರು ಉಪಸ್ಥಿತರಿದ್ದರು. ಜಿಲ್ಲಾಡಳಿತ ಈ ಬಗ್ಗೆ ಸೂಕ್ತ ಕ್ರಮ ಕೈಗೊಳ್ಳಲಿದೆ ಎಂದು ತಿಳಿಸಿದರು. ಈ ಸಂದರ್ಭದಲ್ಲಿ ಸ್ಥಳೀಯ ಮುಖಂಡರು, ಸಂಘಟನೆಯ ಪದಾಧಿಕಾರಿಗಳು, ಗ್ರಾಮಸ್ಥರು ಭಾಗವಹಿಸಿದ್ದರು. ಪ್ರವಾಸಿಗರ ಸುರಕ್ಷತೆಗಾಗಿ ಕಡಲತೀರಗಳಲ್ಲಿ ಜೀವರಕ್ಷಕರನ್ನು ನೇಮಿಸಲಾಗಿದೆ ಎಂದು ಅಧಿಕಾರಿಗಳು ಮಾಹಿತಿ ನೀಡಿದರು.
ಕಾರವಾರ: ಜಿಲ್ಲೆಯ ಪ್ರವಾಸೋದ್ಯಮ ಕ್ಷೇತ್ರದ ಬೆಳವಣಿಗೆಗೆ ಹೊಸ ಅವಕಾಶಗಳು ಸೃಷ್ಟಿಯಾಗುತ್ತಿದ್ದು, ಕರಾವಳಿ ಭಾಗದ ಕಡಲತೀರಗಳು ಪ್ರವಾಸಿಗರನ್ನು ಆಕರ್ಷಿಸುತ್ತಿವೆ. ಸ್ಥಳೀಯ ಉದ್ಯಮಿಗಳು ಹಾಗೂ ಜನಪ್ರತಿನಿಧಿಗಳು ಈ ಕುರಿತು ಸಭೆ ನಡೆಸಿ ಚರ್ಚಿಸಿದರು. ಸಾರ್ವಜನಿಕರ ಸಹಕಾರದೊಂದಿಗೆ ಸ್ವಚ್ಛತೆ ಕಾಪಾಡುವಂತೆ ಅಧಿಕಾರಿಗಳು ಮನವಿ ಮಾಡಿದರು. ಕಾರ್ಯಕ್ರಮದಲ್ಲಿ ಹಲವು ಗಣ್ಯರು ಉಪಸ್ಥಿತರಿದ್ದರು. ಜಿಲ್ಲಾಡಳಿತ ಈ ಬಗ್ಗೆ ಸೂಕ್ತ ಕ್ರಮ ಕೈಗೊಳ್ಳಲಿದೆ ಎಂದು ತಿಳಿಸಿದರು. ಈ ಸಂದರ್ಭದಲ್ಲಿ ಸ್ಥಳೀಯ ಮುಖಂಡರು, ಸಂಘಟನೆಯ ಪದಾಧಿಕಾರಿಗಳು, ಗ್ರಾಮಸ್ಥರು ಭಾಗವಹಿಸಿದ್ದರು. ಪ್ರವಾಸಿಗರ ಸುರಕ್ಷತೆಗಾಗಿ ಕಡಲತೀರಗಳಲ್ಲಿ ಜೀವರಕ್ಷಕರನ್ನು ನೇಮಿಸಲಾಗಿದೆ ಎಂದು ಅಧಿಕಾರಿಗಳು ಮಾಹಿತಿ ನೀಡಿದರು.
ಸಿಡಿಲು ಬಡಿದು ತೆಂಗಿನ ಮರಗಳಿಗೆ ಬೆಂಕಿ: ಹಾನಿ
ಸುದಿಜೇನು ವರದಿ
ಕಾರವಾರ: ಜಿಲ್ಲೆಯ ಪ್ರವಾಸೋದ್ಯಮ ಕ್ಷೇತ್ರದ ಬೆಳವಣಿಗೆಗೆ ಹೊಸ ಅವಕಾಶಗಳು ಸೃಷ್ಟಿಯಾಗುತ್ತಿದ್ದು, ಕರಾವಳಿ ಭಾಗದ ಕಡಲತೀರಗಳು ಪ್ರವಾಸಿಗರನ್ನು ಆಕರ್ಷಿಸುತ್ತಿವೆ. ಸ್ಥಳೀಯ ಉದ್ಯಮಿಗಳು ಹಾಗೂ ಜನಪ್ರತಿನಿಧಿಗಳು ಈ ಕುರಿತು ಸಭೆ ನಡೆಸಿ ಚರ್ಚಿಸಿದರು. ಸಾರ್ವಜನಿಕರ ಸಹಕಾರದೊಂದಿಗೆ ಸ್ವಚ್ಛತೆ ಕಾಪಾಡುವಂತೆ ಅಧಿಕಾರಿಗಳು ಮನವಿ ಮಾಡಿದರು. ಕಾರ್ಯಕ್ರಮದಲ್ಲಿ ಹಲವು ಗಣ್ಯರು ಉಪಸ್ಥಿತರಿದ್ದರು. ಜಿಲ್ಲಾಡಳಿತ ಈ ಬಗ್ಗೆ ಸೂಕ್ತ ಕ್ರಮ ಕೈಗೊಳ್ಳಲಿದೆ ಎಂದು ತಿಳಿಸಿದರು. ಈ ಸಂದರ್ಭದಲ್ಲಿ ಸ್ಥಳೀಯ ಮುಖಂಡರು, ಸಂಘಟನೆಯ ಪದಾಧಿಕಾರಿಗಳು, ಗ್ರಾಮಸ್ಥರು ಭಾಗವಹಿಸಿದ್ದರು. ಪ್ರವಾಸಿಗರ ಸುರಕ್ಷತೆಗಾಗಿ ಕಡಲತೀರಗಳಲ್ಲಿ ಜೀವರಕ್ಷಕರನ್ನು ನೇಮಿಸಲಾಗಿದೆ ಎಂದು ಅಧಿಕಾರಿಗಳು ಮಾಹಿತಿ ನೀಡಿದರು.
ಕ್ರಿಕೆಟ್ ಬೆಟ್ಟಿಂಗ್: ಓರ್ವನ ಬಂಧನ, ಮೂವರು ಪರಾರಿ
ಸುದಿಜೇನು ವರದಿ
ಕಾರವಾರ: ಜಿಲ್ಲೆಯ ಪ್ರವಾಸೋದ್ಯಮ ಕ್ಷೇತ್ರದ ಬೆಳವಣಿಗೆಗೆ ಹೊಸ ಅವಕಾಶಗಳು ಸೃಷ್ಟಿಯಾಗುತ್ತಿದ್ದು, ಕರಾವಳಿ ಭಾಗದ ಕಡಲತೀರಗಳು ಪ್ರವಾಸಿಗರನ್ನು ಆಕರ್ಷಿಸುತ್ತಿವೆ. ಸ್ಥಳೀಯ ಉದ್ಯಮಿಗಳು ಹಾಗೂ ಜನಪ್ರತಿನಿಧಿಗಳು ಈ ಕುರಿತು ಸಭೆ ನಡೆಸಿ ಚರ್ಚಿಸಿದರು. ಸಾರ್ವಜನಿಕರ ಸಹಕಾರದೊಂದಿಗೆ ಸ್ವಚ್ಛತೆ ಕಾಪಾಡುವಂತೆ ಅಧಿಕಾರಿಗಳು ಮನವಿ ಮಾಡಿದರು. ಕಾರ್ಯಕ್ರಮದಲ್ಲಿ ಹಲವು ಗಣ್ಯರು ಉಪಸ್ಥಿತರಿದ್ದರು. ಜಿಲ್ಲಾಡಳಿತ ಈ ಬಗ್ಗೆ ಸೂಕ್ತ ಕ್ರಮ ಕೈಗೊಳ್ಳಲಿದೆ ಎಂದು ತಿಳಿಸಿದರು. ಈ ಸಂದರ್ಭದಲ್ಲಿ ಸ್ಥಳೀಯ ಮುಖಂಡರು, ಸಂಘಟನೆಯ ಪದಾಧಿಕಾರಿಗಳು, ಗ್ರಾಮಸ್ಥರು ಭಾಗವಹಿಸಿದ್ದರು. ಪ್ರವಾಸಿಗರ ಸುರಕ್ಷತೆಗಾಗಿ ಕಡಲತೀರಗಳಲ್ಲಿ ಜೀವರಕ್ಷಕರನ್ನು ನೇಮಿಸಲಾಗಿದೆ ಎಂದು ಅಧಿಕಾರಿಗಳು ಮಾಹಿತಿ ನೀಡಿದರು.
ಕಾರವಾರ: ಜಿಲ್ಲೆಯ ಪ್ರವಾಸೋದ್ಯಮ ಕ್ಷೇತ್ರದ ಬೆಳವಣಿಗೆಗೆ ಹೊಸ ಅವಕಾಶಗಳು ಸೃಷ್ಟಿಯಾಗುತ್ತಿದ್ದು, ಕರಾವಳಿ ಭಾಗದ ಕಡಲತೀರಗಳು ಪ್ರವಾಸಿಗರನ್ನು ಆಕರ್ಷಿಸುತ್ತಿವೆ. ಸ್ಥಳೀಯ ಉದ್ಯಮಿಗಳು ಹಾಗೂ ಜನಪ್ರತಿನಿಧಿಗಳು ಈ ಕುರಿತು ಸಭೆ ನಡೆಸಿ ಚರ್ಚಿಸಿದರು. ಸಾರ್ವಜನಿಕರ ಸಹಕಾರದೊಂದಿಗೆ ಸ್ವಚ್ಛತೆ ಕಾಪಾಡುವಂತೆ ಅಧಿಕಾರಿಗಳು ಮನವಿ ಮಾಡಿದರು. ಕಾರ್ಯಕ್ರಮದಲ್ಲಿ ಹಲವು ಗಣ್ಯರು ಉಪಸ್ಥಿತರಿದ್ದರು. ಜಿಲ್ಲಾಡಳಿತ ಈ ಬಗ್ಗೆ ಸೂಕ್ತ ಕ್ರಮ ಕೈಗೊಳ್ಳಲಿದೆ ಎಂದು ತಿಳಿಸಿದರು. ಈ ಸಂದರ್ಭದಲ್ಲಿ ಸ್ಥಳೀಯ ಮುಖಂಡರು, ಸಂಘಟನೆಯ ಪದಾಧಿಕಾರಿಗಳು, ಗ್ರಾಮಸ್ಥರು ಭಾಗವಹಿಸಿದ್ದರು. ಪ್ರವಾಸಿಗರ ಸುರಕ್ಷತೆಗಾಗಿ ಕಡಲತೀರಗಳಲ್ಲಿ ಜೀವರಕ್ಷಕರನ್ನು ನೇಮಿಸಲಾಗಿದೆ ಎಂದು ಅಧಿಕಾರಿಗಳು ಮಾಹಿತಿ ನೀಡಿದರು.
ಕಾರವಾರ: ಜಿಲ್ಲೆಯ ಪ್ರವಾಸೋದ್ಯಮ ಕ್ಷೇತ್ರದ ಬೆಳವಣಿಗೆಗೆ ಹೊಸ ಅವಕಾಶಗಳು ಸೃಷ್ಟಿಯಾಗುತ್ತಿದ್ದು, ಕರಾವಳಿ ಭಾಗದ ಕಡಲತೀರಗಳು ಪ್ರವಾಸಿಗರನ್ನು ಆಕರ್ಷಿಸುತ್ತಿವೆ. ಸ್ಥಳೀಯ ಉದ್ಯಮಿಗಳು ಹಾಗೂ ಜನಪ್ರತಿನಿಧಿಗಳು ಈ ಕುರಿತು ಸಭೆ ನಡೆಸಿ ಚರ್ಚಿಸಿದರು. ಸಾರ್ವಜನಿಕರ ಸಹಕಾರದೊಂದಿಗೆ ಸ್ವಚ್ಛತೆ ಕಾಪಾಡುವಂತೆ ಅಧಿಕಾರಿಗಳು ಮನವಿ ಮಾಡಿದರು. ಕಾರ್ಯಕ್ರಮದಲ್ಲಿ ಹಲವು ಗಣ್ಯರು ಉಪಸ್ಥಿತರಿದ್ದರು. ಜಿಲ್ಲಾಡಳಿತ ಈ ಬಗ್ಗೆ ಸೂಕ್ತ ಕ್ರಮ ಕೈಗೊಳ್ಳಲಿದೆ ಎಂದು ತಿಳಿಸಿದರು. ಈ ಸಂದರ್ಭದಲ್ಲಿ ಸ್ಥಳೀಯ ಮುಖಂಡರು, ಸಂಘಟನೆಯ ಪದಾಧಿಕಾರಿಗಳು, ಗ್ರಾಮಸ್ಥರು ಭಾಗವಹಿಸಿದ್ದರು. ಪ್ರವಾಸಿಗರ ಸುರಕ್ಷತೆಗಾಗಿ ಕಡಲತೀರಗಳಲ್ಲಿ ಜೀವರಕ್ಷಕರನ್ನು ನೇಮಿಸಲಾಗಿದೆ ಎಂದು ಅಧಿಕಾರಿಗಳು ಮಾಹಿತಿ ನೀಡಿದರು.
ಕಾರವಾರ: ಜಿಲ್ಲೆಯ ಪ್ರವಾಸೋದ್ಯಮ ಕ್ಷೇತ್ರದ ಬೆಳವಣಿಗೆಗೆ ಹೊಸ ಅವಕಾಶಗಳು ಸೃಷ್ಟಿಯಾಗುತ್ತಿದ್ದು, ಕರಾವಳಿ ಭಾಗದ ಕಡಲತೀರಗಳು ಪ್ರವಾಸಿಗರನ್ನು ಆಕರ್ಷಿಸುತ್ತಿವೆ. ಸ್ಥಳೀಯ ಉದ್ಯಮಿಗಳು ಹಾಗೂ ಜನಪ್ರತಿನಿಧಿಗಳು ಈ ಕುರಿತು ಸಭೆ ನಡೆಸಿ ಚರ್ಚಿಸಿದರು. ಸಾರ್ವಜನಿಕರ ಸಹಕಾರದೊಂದಿಗೆ ಸ್ವಚ್ಛತೆ ಕಾಪಾಡುವಂತೆ ಅಧಿಕಾರಿಗಳು ಮನವಿ ಮಾಡಿದರು. ಕಾರ್ಯಕ್ರಮದಲ್ಲಿ ಹಲವು ಗಣ್ಯರು ಉಪಸ್ಥಿತರಿದ್ದರು. ಜಿಲ್ಲಾಡಳಿತ ಈ ಬಗ್ಗೆ ಸೂಕ್ತ ಕ್ರಮ ಕೈಗೊಳ್ಳಲಿದೆ ಎಂದು ತಿಳಿಸಿದರು. ಈ ಸಂದರ್ಭದಲ್ಲಿ ಸ್ಥಳೀಯ ಮುಖಂಡರು, ಸಂಘಟನೆಯ ಪದಾಧಿಕಾರಿಗಳು, ಗ್ರಾಮಸ್ಥರು ಭಾಗವಹಿಸಿದ್ದರು. ಪ್ರವಾಸಿಗರ ಸುರಕ್ಷತೆಗಾಗಿ ಕಡಲತೀರಗಳಲ್ಲಿ ಜೀವರಕ್ಷಕರನ್ನು ನೇಮಿಸಲಾಗಿದೆ ಎಂದು ಅಧಿಕಾರಿಗಳು ಮಾಹಿತಿ ನೀಡಿದರು.
ಕಾಡುಕೋಣ ತಪ್ಪಿಸಲು ಹೋಗಿ ಮರಕ್ಕೆ ಬೈಕ್ ಡಿಕ್ಕಿ: ಸವಾರ ಸಾವು
ಸುದಿಜೇನು ವರದಿ
ಕಾರವಾರ: ಜಿಲ್ಲೆಯ ಪ್ರವಾಸೋದ್ಯಮ ಕ್ಷೇತ್ರದ ಬೆಳವಣಿಗೆಗೆ ಹೊಸ ಅವಕಾಶಗಳು ಸೃಷ್ಟಿಯಾಗುತ್ತಿದ್ದು, ಕರಾವಳಿ ಭಾಗದ ಕಡಲತೀರಗಳು ಪ್ರವಾಸಿಗರನ್ನು ಆಕರ್ಷಿಸುತ್ತಿವೆ. ಸ್ಥಳೀಯ ಉದ್ಯಮಿಗಳು ಹಾಗೂ ಜನಪ್ರತಿನಿಧಿಗಳು ಈ ಕುರಿತು ಸಭೆ ನಡೆಸಿ ಚರ್ಚಿಸಿದರು. ಸಾರ್ವಜನಿಕರ ಸಹಕಾರದೊಂದಿಗೆ ಸ್ವಚ್ಛತೆ ಕಾಪಾಡುವಂತೆ ಅಧಿಕಾರಿಗಳು ಮನವಿ ಮಾಡಿದರು. ಕಾರ್ಯಕ್ರಮದಲ್ಲಿ ಹಲವು ಗಣ್ಯರು ಉಪಸ್ಥಿತರಿದ್ದರು. ಜಿಲ್ಲಾಡಳಿತ ಈ ಬಗ್ಗೆ ಸೂಕ್ತ ಕ್ರಮ ಕೈಗೊಳ್ಳಲಿದೆ ಎಂದು ತಿಳಿಸಿದರು. ಈ ಸಂದರ್ಭದಲ್ಲಿ ಸ್ಥಳೀಯ ಮುಖಂಡರು, ಸಂಘಟನೆಯ ಪದಾಧಿಕಾರಿಗಳು, ಗ್ರಾಮಸ್ಥರು ಭಾಗವಹಿಸಿದ್ದರು. ಪ್ರವಾಸಿಗರ ಸುರಕ್ಷತೆಗಾಗಿ ಕಡಲತೀರಗಳಲ್ಲಿ ಜೀವರಕ್ಷಕರನ್ನು ನೇಮಿಸಲಾಗಿದೆ ಎಂದು ಅಧಿಕಾರಿಗಳು ಮಾಹಿತಿ ನೀಡಿದರು.
ಕಾರವಾರ: ಜಿಲ್ಲೆಯ ಪ್ರವಾಸೋದ್ಯಮ ಕ್ಷೇತ್ರದ ಬೆಳವಣಿಗೆಗೆ ಹೊಸ ಅವಕಾಶಗಳು ಸೃಷ್ಟಿಯಾಗುತ್ತಿದ್ದು, ಕರಾವಳಿ ಭಾಗದ ಕಡಲತೀರಗಳು ಪ್ರವಾಸಿಗರನ್ನು ಆಕರ್ಷಿಸುತ್ತಿವೆ. ಸ್ಥಳೀಯ ಉದ್ಯಮಿಗಳು ಹಾಗೂ ಜನಪ್ರತಿನಿಧಿಗಳು ಈ ಕುರಿತು ಸಭೆ ನಡೆಸಿ ಚರ್ಚಿಸಿದರು. ಸಾರ್ವಜನಿಕರ ಸಹಕಾರದೊಂದಿಗೆ ಸ್ವಚ್ಛತೆ ಕಾಪಾಡುವಂತೆ ಅಧಿಕಾರಿಗಳು ಮನವಿ ಮಾಡಿದರು. ಕಾರ್ಯಕ್ರಮದಲ್ಲಿ ಹಲವು ಗಣ್ಯರು ಉಪಸ್ಥಿತರಿದ್ದರು. ಜಿಲ್ಲಾಡಳಿತ ಈ ಬಗ್ಗೆ ಸೂಕ್ತ ಕ್ರಮ ಕೈಗೊಳ್ಳಲಿದೆ ಎಂದು ತಿಳಿಸಿದರು. ಈ ಸಂದರ್ಭದಲ್ಲಿ ಸ್ಥಳೀಯ ಮುಖಂಡರು, ಸಂಘಟನೆಯ ಪದಾಧಿಕಾರಿಗಳು, ಗ್ರಾಮಸ್ಥರು ಭಾಗವಹಿಸಿದ್ದರು. ಪ್ರವಾಸಿಗರ ಸುರಕ್ಷತೆಗಾಗಿ ಕಡಲತೀರಗಳಲ್ಲಿ ಜೀವರಕ್ಷಕರನ್ನು ನೇಮಿಸಲಾಗಿದೆ ಎಂದು ಅಧಿಕಾರಿಗಳು ಮಾಹಿತಿ ನೀಡಿದರು.
ಕಾರವಾರ: ಜಿಲ್ಲೆಯ ಪ್ರವಾಸೋದ್ಯಮ ಕ್ಷೇತ್ರದ ಬೆಳವಣಿಗೆಗೆ ಹೊಸ ಅವಕಾಶಗಳು ಸೃಷ್ಟಿಯಾಗುತ್ತಿದ್ದು, ಕರಾವಳಿ ಭಾಗದ ಕಡಲತೀರಗಳು ಪ್ರವಾಸಿಗರನ್ನು ಆಕರ್ಷಿಸುತ್ತಿವೆ. ಸ್ಥಳೀಯ ಉದ್ಯಮಿಗಳು ಹಾಗೂ ಜನಪ್ರತಿನಿಧಿಗಳು ಈ ಕುರಿತು ಸಭೆ ನಡೆಸಿ ಚರ್ಚಿಸಿದರು. ಸಾರ್ವಜನಿಕರ ಸಹಕಾರದೊಂದಿಗೆ ಸ್ವಚ್ಛತೆ ಕಾಪಾಡುವಂತೆ ಅಧಿಕಾರಿಗಳು ಮನವಿ ಮಾಡಿದರು. ಕಾರ್ಯಕ್ರಮದಲ್ಲಿ ಹಲವು ಗಣ್ಯರು ಉಪಸ್ಥಿತರಿದ್ದರು. ಜಿಲ್ಲಾಡಳಿತ ಈ ಬಗ್ಗೆ ಸೂಕ್ತ ಕ್ರಮ ಕೈಗೊಳ್ಳಲಿದೆ ಎಂದು ತಿಳಿಸಿದರು. ಈ ಸಂದರ್ಭದಲ್ಲಿ ಸ್ಥಳೀಯ ಮುಖಂಡರು, ಸಂಘಟನೆಯ ಪದಾಧಿಕಾರಿಗಳು, ಗ್ರಾಮಸ್ಥರು ಭಾಗವಹಿಸಿದ್ದರು. ಪ್ರವಾಸಿಗರ ಸುರಕ್ಷತೆಗಾಗಿ ಕಡಲತೀರಗಳಲ್ಲಿ ಜೀವರಕ್ಷಕರನ್ನು ನೇಮಿಸಲಾಗಿದೆ ಎಂದು ಅಧಿಕಾರಿಗಳು ಮಾಹಿತಿ ನೀಡಿದರು.
ಕಾರವಾರ: ಜಿಲ್ಲೆಯ ಪ್ರವಾಸೋದ್ಯಮ ಕ್ಷೇತ್ರದ ಬೆಳವಣಿಗೆಗೆ ಹೊಸ ಅವಕಾಶಗಳು ಸೃಷ್ಟಿಯಾಗುತ್ತಿದ್ದು, ಕರಾವಳಿ ಭಾಗದ ಕಡಲತೀರಗಳು ಪ್ರವಾಸಿಗರನ್ನು ಆಕರ್ಷಿಸುತ್ತಿವೆ. ಸ್ಥಳೀಯ ಉದ್ಯಮಿಗಳು ಹಾಗೂ ಜನಪ್ರತಿನಿಧಿಗಳು ಈ ಕುರಿತು ಸಭೆ ನಡೆಸಿ ಚರ್ಚಿಸಿದರು. ಸಾರ್ವಜನಿಕರ ಸಹಕಾರದೊಂದಿಗೆ ಸ್ವಚ್ಛತೆ ಕಾಪಾಡುವಂತೆ ಅಧಿಕಾರಿಗಳು ಮನವಿ ಮಾಡಿದರು. ಕಾರ್ಯಕ್ರಮದಲ್ಲಿ ಹಲವು ಗಣ್ಯರು ಉಪಸ್ಥಿತರಿದ್ದರು. ಜಿಲ್ಲಾಡಳಿತ ಈ ಬಗ್ಗೆ ಸೂಕ್ತ ಕ್ರಮ ಕೈಗೊಳ್ಳಲಿದೆ ಎಂದು ತಿಳಿಸಿದರು. ಈ ಸಂದರ್ಭದಲ್ಲಿ ಸ್ಥಳೀಯ ಮುಖಂಡರು, ಸಂಘಟನೆಯ ಪದಾಧಿಕಾರಿಗಳು, ಗ್ರಾಮಸ್ಥರು ಭಾಗವಹಿಸಿದ್ದರು. ಪ್ರವಾಸಿಗರ ಸುರಕ್ಷತೆಗಾಗಿ ಕಡಲತೀರಗಳಲ್ಲಿ ಜೀವರಕ್ಷಕರನ್ನು ನೇಮಿಸಲಾಗಿದೆ ಎಂದು ಅಧಿಕಾರಿಗಳು ಮಾಹಿತಿ ನೀಡಿದರು.
